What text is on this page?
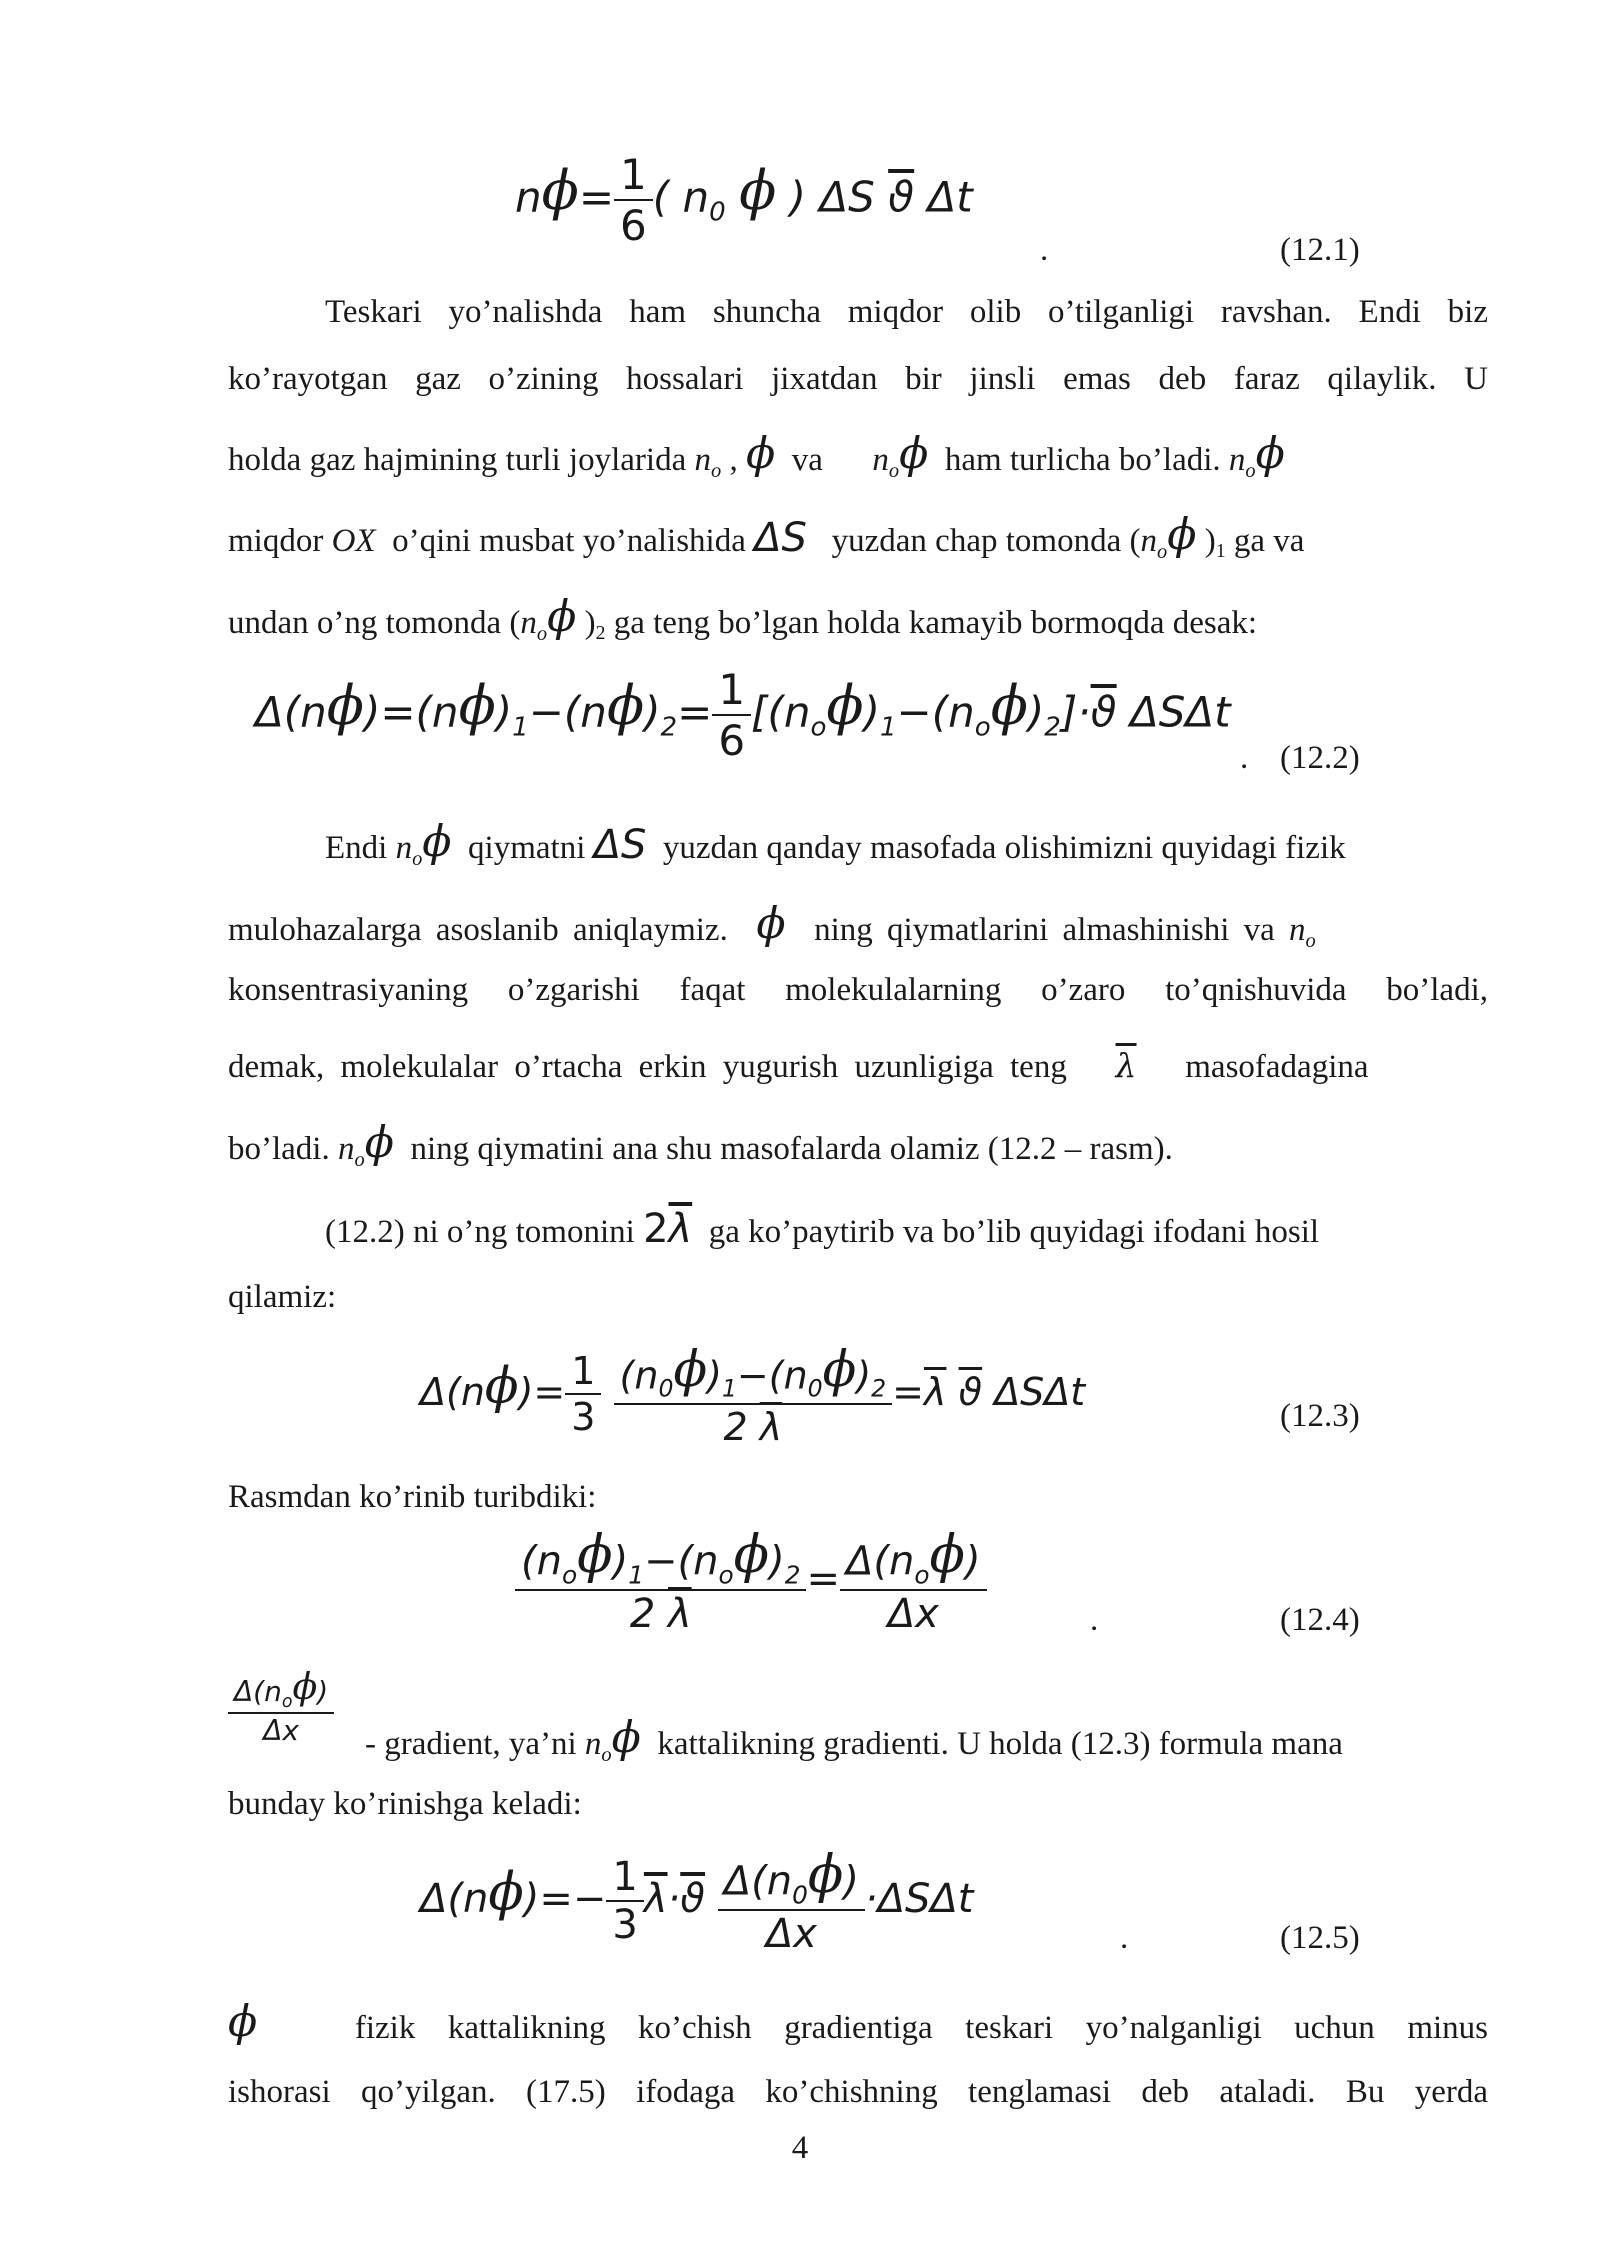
$n\phi= \frac{1}{6}$ ( $n_0$ ϕ ) ΔS $\overline{ϑ}$ Δt
.	(12.1)

Teskari yo’nalishda ham shuncha miqdor olib o’tilganligi ravshan. Endi biz

ko’rayotgan gaz o’zining hossalari jixatdan bir jinsli emas deb faraz qilaylik. U

holda gaz hajmining turli joylarida $n_o$ , ϕ va $n_o\phi$ ham turlicha bo’ladi. $n_o\phi$
miqdor OX o’qini musbat yo’nalishida ΔS yuzdan chap tomonda ($n_o\phi$ )1 ga va
undan o’ng tomonda ($n_o\phi$ )2 ga teng bo’lgan holda kamayib bormoqda desak:
$\Delta(n\phi)=(n\phi)_1-(n\phi)_2= \frac{1}{6} [(n_o\phi)_1-(n_o\phi)_2]\cdot\overline{ϑ}$ ΔSΔt
. (12.2)
Endi $n_o\phi$ qiymatni ΔS yuzdan qanday masofada olishimizni quyidagi fizik
mulohazalarga asoslanib aniqlaymiz. ϕ ning qiymatlarini almashinishi va $n_o$

konsentrasiyaning o’zgarishi faqat molekulalarning o’zaro to’qnishuvida bo’ladi,

demak, molekulalar o’rtacha erkin yugurish uzunligiga teng $\overline{\lambda}$ masofadagina
bo’ladi. $n_o\phi$ ning qiymatini ana shu masofalarda olamiz (12.2 – rasm).
(12.2) ni o’ng tomonini $2\overline{\lambda}$ ga ko’paytirib va bo’lib quyidagi ifodani hosil

qilamiz:

$\Delta(n\phi)= \frac{1}{3}$
$\frac{(n_0\phi)_1-(n_0\phi)_2}{2 \overline{\lambda}} =\overline{\lambda}$ $\overline{ϑ}$ ΔSΔt
(12.3)

Rasmdan ko’rinib turibdiki:

$\frac{(n_o\phi)_1-(n_o\phi)_2}{2 \overline{\lambda}} = \frac{\Delta(n_o\phi)}{\Delta x}$	.	(12.4)
$\frac{\Delta(n_o\phi)}{\Delta x}$ - gradient, ya’ni $n_o\phi$ kattalikning gradienti. U holda (12.3) formula mana

bunday ko’rinishga keladi:

$\Delta(n\phi)=- \frac{1}{3} \overline{\lambda}\cdot\overline{ϑ} \frac{\Delta(n_0\phi)}{\Delta x} \cdot\Delta S\Delta t$
.	(12.5)
ϕ	fizik kattalikning ko’chish gradientiga teskari yo’nalganligi uchun minus

ishorasi qo’yilgan. (17.5) ifodaga ko’chishning tenglamasi deb ataladi. Bu yerda

4
